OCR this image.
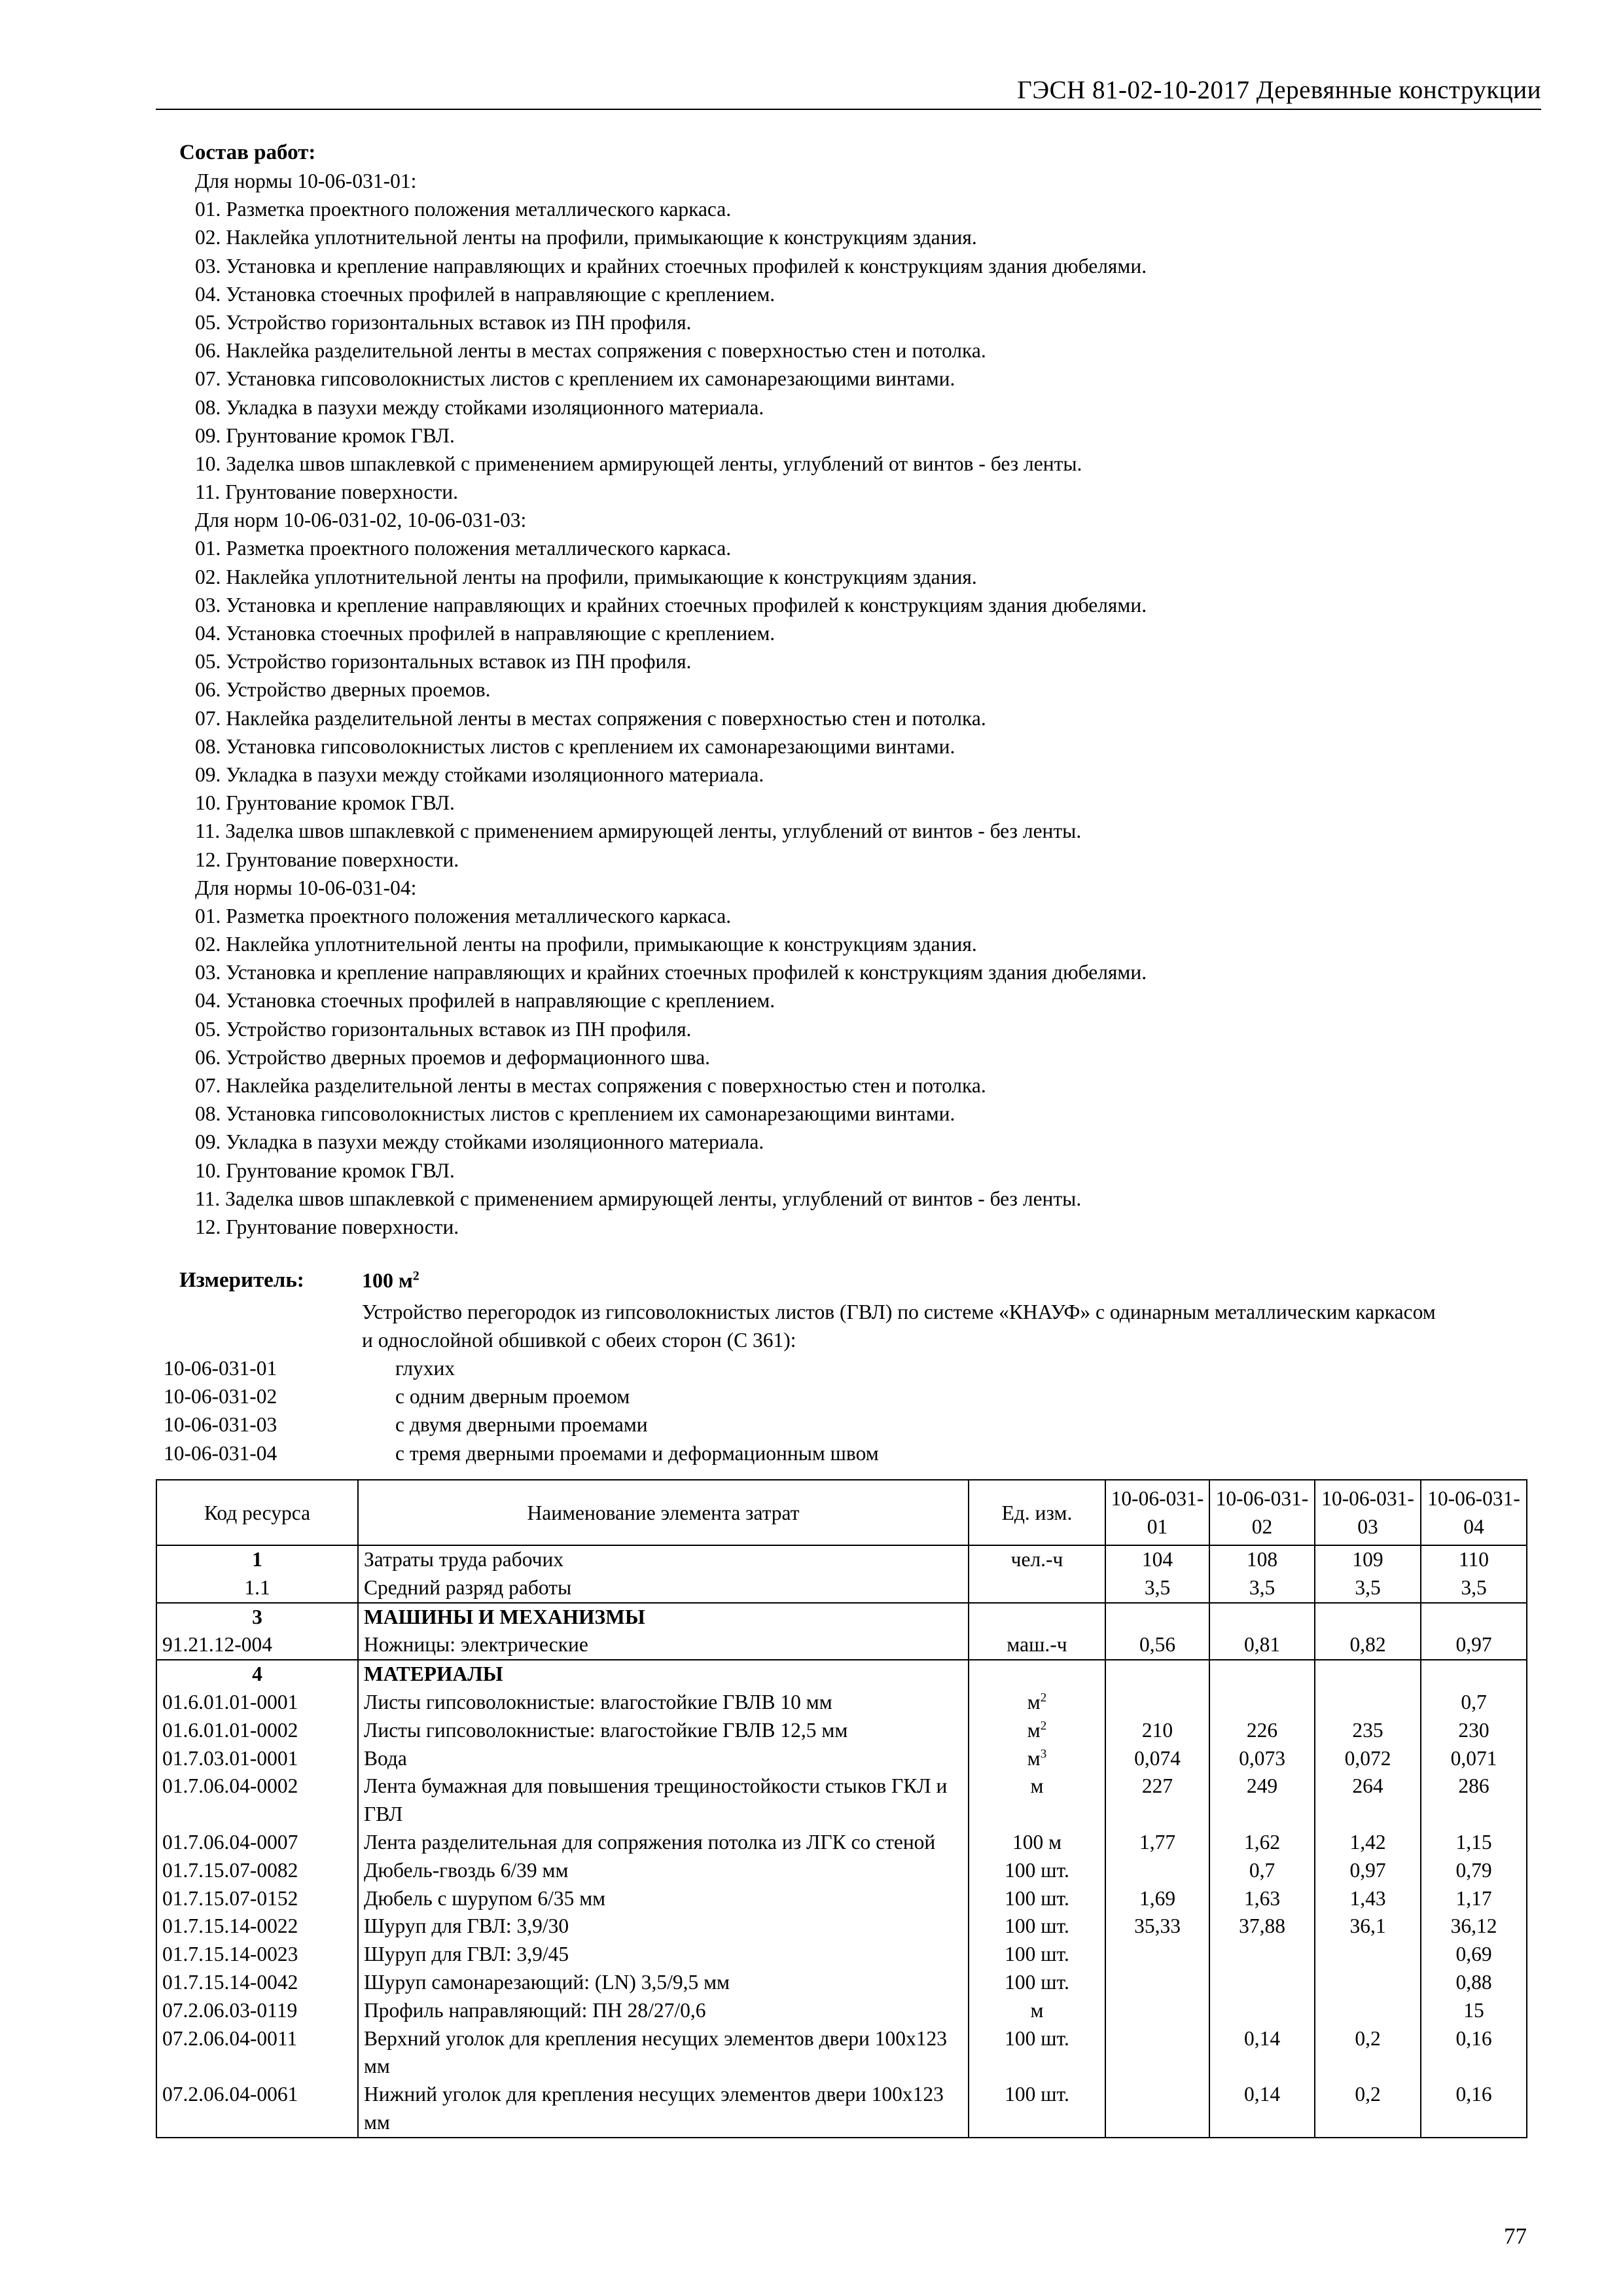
ГЭСН 81-02-10-2017 Деревянные конструкции
Состав работ:
Для нормы 10-06-031-01:
01. Разметка проектного положения металлического каркаса.
02. Наклейка уплотнительной ленты на профили, примыкающие к конструкциям здания.
03. Установка и крепление направляющих и крайних стоечных профилей к конструкциям здания дюбелями.
04. Установка стоечных профилей в направляющие с креплением.
05. Устройство горизонтальных вставок из ПН профиля.
06. Наклейка разделительной ленты в местах сопряжения с поверхностью стен и потолка.
07. Установка гипсоволокнистых листов с креплением их самонарезающими винтами.
08. Укладка в пазухи между стойками изоляционного материала.
09. Грунтование кромок ГВЛ.
10. Заделка швов шпаклевкой с применением армирующей ленты, углублений от винтов - без ленты.
11. Грунтование поверхности.
Для норм 10-06-031-02, 10-06-031-03:
01. Разметка проектного положения металлического каркаса.
02. Наклейка уплотнительной ленты на профили, примыкающие к конструкциям здания.
03. Установка и крепление направляющих и крайних стоечных профилей к конструкциям здания дюбелями.
04. Установка стоечных профилей в направляющие с креплением.
05. Устройство горизонтальных вставок из ПН профиля.
06. Устройство дверных проемов.
07. Наклейка разделительной ленты в местах сопряжения с поверхностью стен и потолка.
08. Установка гипсоволокнистых листов с креплением их самонарезающими винтами.
09. Укладка в пазухи между стойками изоляционного материала.
10. Грунтование кромок ГВЛ.
11. Заделка швов шпаклевкой с применением армирующей ленты, углублений от винтов - без ленты.
12. Грунтование поверхности.
Для нормы 10-06-031-04:
01. Разметка проектного положения металлического каркаса.
02. Наклейка уплотнительной ленты на профили, примыкающие к конструкциям здания.
03. Установка и крепление направляющих и крайних стоечных профилей к конструкциям здания дюбелями.
04. Установка стоечных профилей в направляющие с креплением.
05. Устройство горизонтальных вставок из ПН профиля.
06. Устройство дверных проемов и деформационного шва.
07. Наклейка разделительной ленты в местах сопряжения с поверхностью стен и потолка.
08. Установка гипсоволокнистых листов с креплением их самонарезающими винтами.
09. Укладка в пазухи между стойками изоляционного материала.
10. Грунтование кромок ГВЛ.
11. Заделка швов шпаклевкой с применением армирующей ленты, углублений от винтов - без ленты.
12. Грунтование поверхности.
Измеритель:	100 $м^2$
Устройство перегородок из гипсоволокнистых листов (ГВЛ) по системе «КНАУФ» с одинарным металлическим каркасом и однослойной обшивкой с обеих сторон (С 361):
10-06-031-01	глухих
10-06-031-02	с одним дверным проемом
10-06-031-03	с двумя дверными проемами
10-06-031-04	с тремя дверными проемами и деформационным швом
Код ресурса	Наименование элемента затрат	Ед. изм.	10-06-031-01	10-06-031-02	10-06-031-03	10-06-031-04
1	Затраты труда рабочих	чел.-ч	104	108	109	110
1.1	Средний разряд работы		3,5	3,5	3,5	3,5
3	МАШИНЫ И МЕХАНИЗМЫ					
91.21.12-004	Ножницы: электрические	маш.-ч	0,56	0,81	0,82	0,97
4	МАТЕРИАЛЫ					
01.6.01.01-0001	Листы гипсоволокнистые: влагостойкие ГВЛВ 10 мм	$м^2$				0,7
01.6.01.01-0002	Листы гипсоволокнистые: влагостойкие ГВЛВ 12,5 мм	$м^2$	210	226	235	230
01.7.03.01-0001	Вода	$м^3$	0,074	0,073	0,072	0,071
01.7.06.04-0002	Лента бумажная для повышения трещиностойкости стыков ГКЛ и ГВЛ	м	227	249	264	286
01.7.06.04-0007	Лента разделительная для сопряжения потолка из ЛГК со стеной	100 м	1,77	1,62	1,42	1,15
01.7.15.07-0082	Дюбель-гвоздь 6/39 мм	100 шт.		0,7	0,97	0,79
01.7.15.07-0152	Дюбель с шурупом 6/35 мм	100 шт.	1,69	1,63	1,43	1,17
01.7.15.14-0022	Шуруп для ГВЛ: 3,9/30	100 шт.	35,33	37,88	36,1	36,12
01.7.15.14-0023	Шуруп для ГВЛ: 3,9/45	100 шт.				0,69
01.7.15.14-0042	Шуруп самонарезающий: (LN) 3,5/9,5 мм	100 шт.				0,88
07.2.06.03-0119	Профиль направляющий: ПН 28/27/0,6	м				15
07.2.06.04-0011	Верхний уголок для крепления несущих элементов двери 100х123 мм	100 шт.		0,14	0,2	0,16
07.2.06.04-0061	Нижний уголок для крепления несущих элементов двери 100х123 мм	100 шт.		0,14	0,2	0,16
77
